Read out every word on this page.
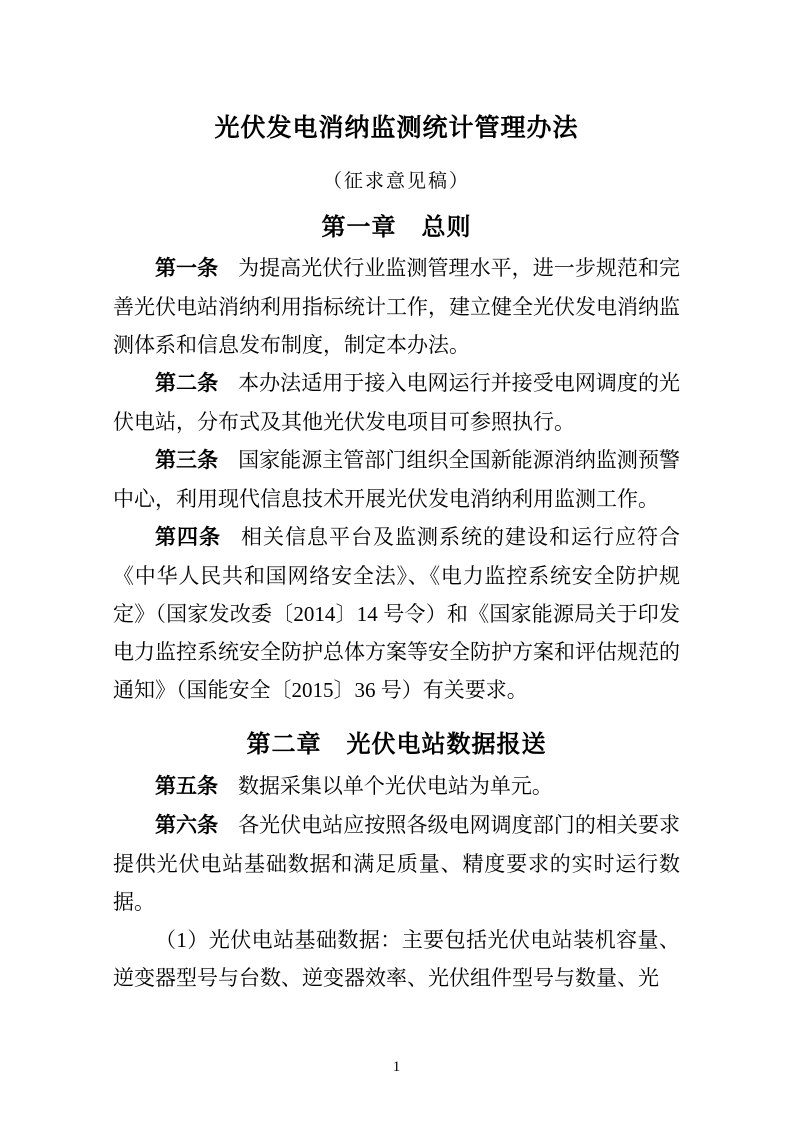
光伏发电消纳监测统计管理办法
（征求意见稿）
第一章　总则

第一条 为提高光伏行业监测管理水平，进一步规范和完善光伏电站消纳利用指标统计工作，建立健全光伏发电消纳监测体系和信息发布制度，制定本办法。

第二条 本办法适用于接入电网运行并接受电网调度的光伏电站，分布式及其他光伏发电项目可参照执行。

第三条 国家能源主管部门组织全国新能源消纳监测预警中心，利用现代信息技术开展光伏发电消纳利用监测工作。

第四条 相关信息平台及监测系统的建设和运行应符合《中华人民共和国网络安全法》、《电力监控系统安全防护规定》（国家发改委〔2014〕14 号令）和《国家能源局关于印发电力监控系统安全防护总体方案等安全防护方案和评估规范的通知》（国能安全〔2015〕36 号）有关要求。

第二章　光伏电站数据报送

第五条 数据采集以单个光伏电站为单元。

第六条 各光伏电站应按照各级电网调度部门的相关要求提供光伏电站基础数据和满足质量、精度要求的实时运行数据。

（1）光伏电站基础数据：主要包括光伏电站装机容量、逆变器型号与台数、逆变器效率、光伏组件型号与数量、光

1
